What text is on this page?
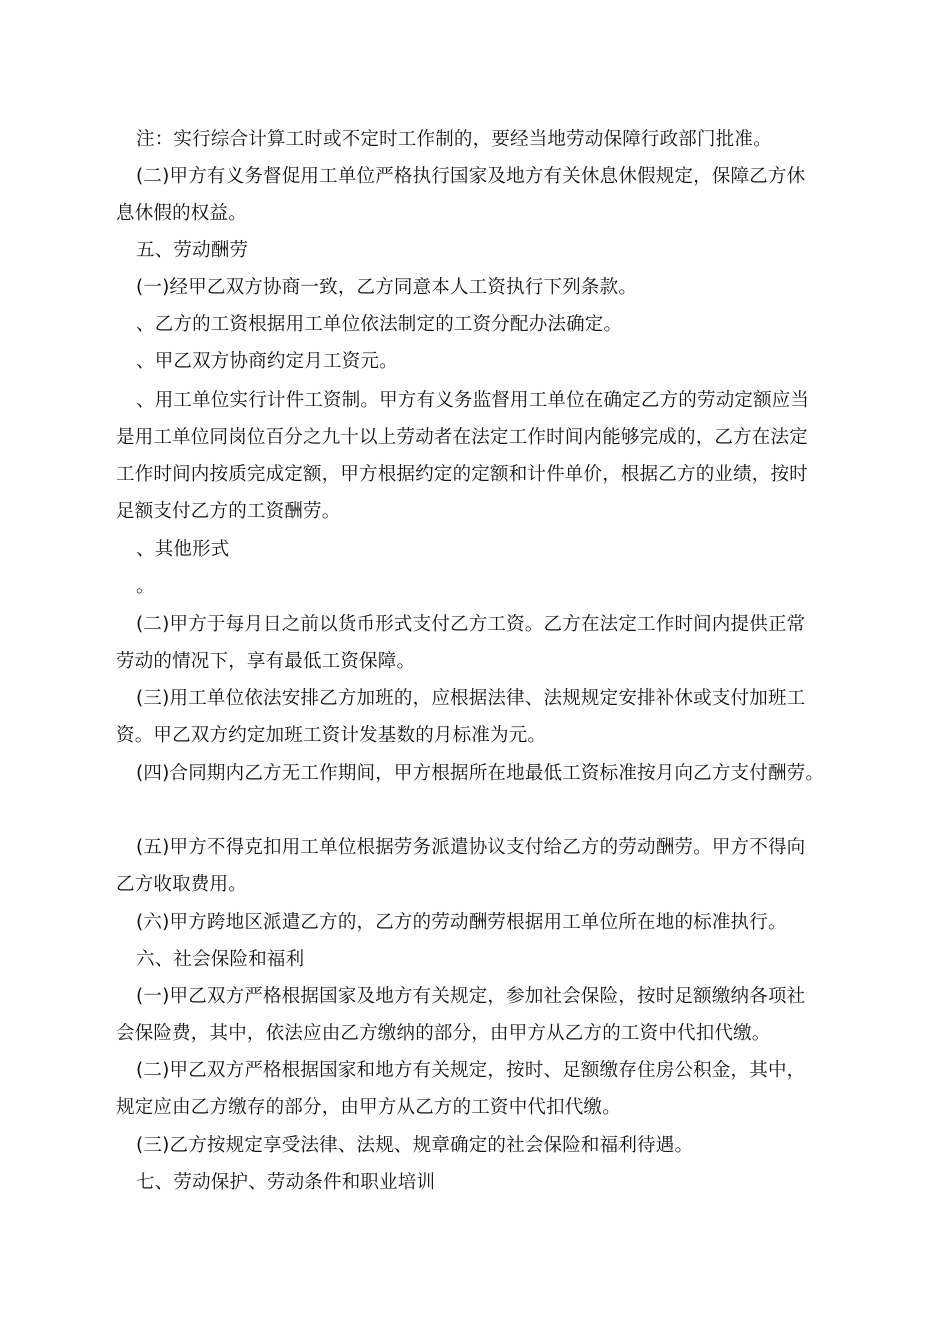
注：实行综合计算工时或不定时工作制的，要经当地劳动保障行政部门批准。
(二)甲方有义务督促用工单位严格执行国家及地方有关休息休假规定，保障乙方休
息休假的权益。
五、劳动酬劳
(一)经甲乙双方协商一致，乙方同意本人工资执行下列条款。
、乙方的工资根据用工单位依法制定的工资分配办法确定。
、甲乙双方协商约定月工资元。
、用工单位实行计件工资制。甲方有义务监督用工单位在确定乙方的劳动定额应当
是用工单位同岗位百分之九十以上劳动者在法定工作时间内能够完成的，乙方在法定
工作时间内按质完成定额，甲方根据约定的定额和计件单价，根据乙方的业绩，按时
足额支付乙方的工资酬劳。
、其他形式
。
(二)甲方于每月日之前以货币形式支付乙方工资。乙方在法定工作时间内提供正常
劳动的情况下，享有最低工资保障。
(三)用工单位依法安排乙方加班的，应根据法律、法规规定安排补休或支付加班工
资。甲乙双方约定加班工资计发基数的月标准为元。
(四)合同期内乙方无工作期间，甲方根据所在地最低工资标准按月向乙方支付酬劳。
(五)甲方不得克扣用工单位根据劳务派遣协议支付给乙方的劳动酬劳。甲方不得向
乙方收取费用。
(六)甲方跨地区派遣乙方的，乙方的劳动酬劳根据用工单位所在地的标准执行。
六、社会保险和福利
(一)甲乙双方严格根据国家及地方有关规定，参加社会保险，按时足额缴纳各项社
会保险费，其中，依法应由乙方缴纳的部分，由甲方从乙方的工资中代扣代缴。
(二)甲乙双方严格根据国家和地方有关规定，按时、足额缴存住房公积金，其中，
规定应由乙方缴存的部分，由甲方从乙方的工资中代扣代缴。
(三)乙方按规定享受法律、法规、规章确定的社会保险和福利待遇。
七、劳动保护、劳动条件和职业培训
